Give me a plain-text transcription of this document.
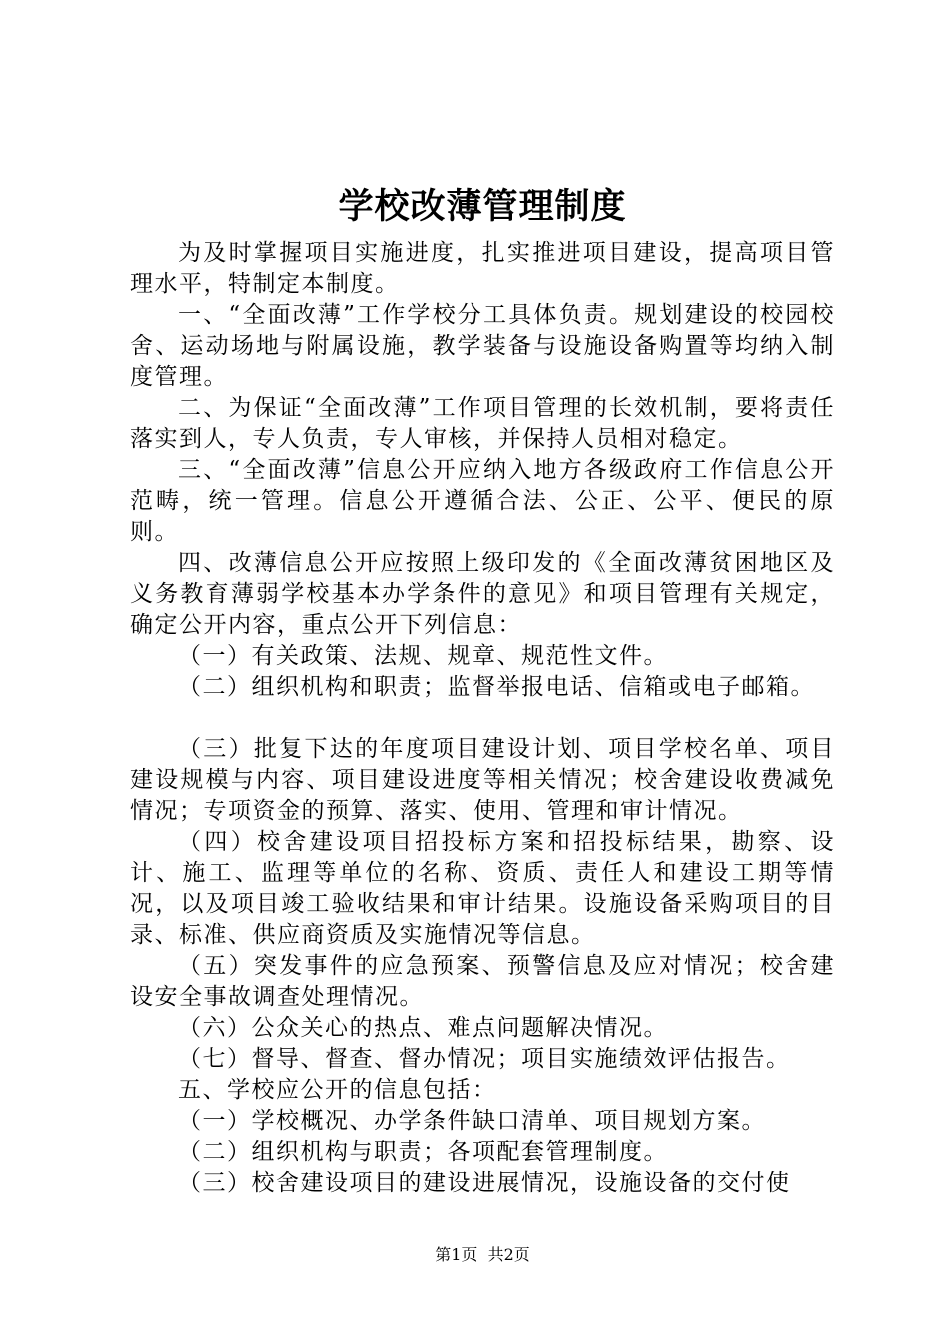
学校改薄管理制度

为及时掌握项目实施进度，扎实推进项目建设，提高项目管理水平，特制定本制度。

一、“全面改薄”工作学校分工具体负责。规划建设的校园校舍、运动场地与附属设施，教学装备与设施设备购置等均纳入制度管理。

二、为保证“全面改薄”工作项目管理的长效机制，要将责任落实到人，专人负责，专人审核，并保持人员相对稳定。

三、“全面改薄”信息公开应纳入地方各级政府工作信息公开范畴，统一管理。信息公开遵循合法、公正、公平、便民的原则。

四、改薄信息公开应按照上级印发的《全面改薄贫困地区及义务教育薄弱学校基本办学条件的意见》和项目管理有关规定，确定公开内容，重点公开下列信息：

（一）有关政策、法规、规章、规范性文件。

（二）组织机构和职责；监督举报电话、信箱或电子邮箱。

（三）批复下达的年度项目建设计划、项目学校名单、项目建设规模与内容、项目建设进度等相关情况；校舍建设收费减免情况；专项资金的预算、落实、使用、管理和审计情况。

（四）校舍建设项目招投标方案和招投标结果，勘察、设计、施工、监理等单位的名称、资质、责任人和建设工期等情况，以及项目竣工验收结果和审计结果。设施设备采购项目的目录、标准、供应商资质及实施情况等信息。

（五）突发事件的应急预案、预警信息及应对情况；校舍建设安全事故调查处理情况。

（六）公众关心的热点、难点问题解决情况。

（七）督导、督查、督办情况；项目实施绩效评估报告。

五、学校应公开的信息包括：

（一）学校概况、办学条件缺口清单、项目规划方案。

（二）组织机构与职责；各项配套管理制度。

（三）校舍建设项目的建设进展情况，设施设备的交付使

第1页 共2页
